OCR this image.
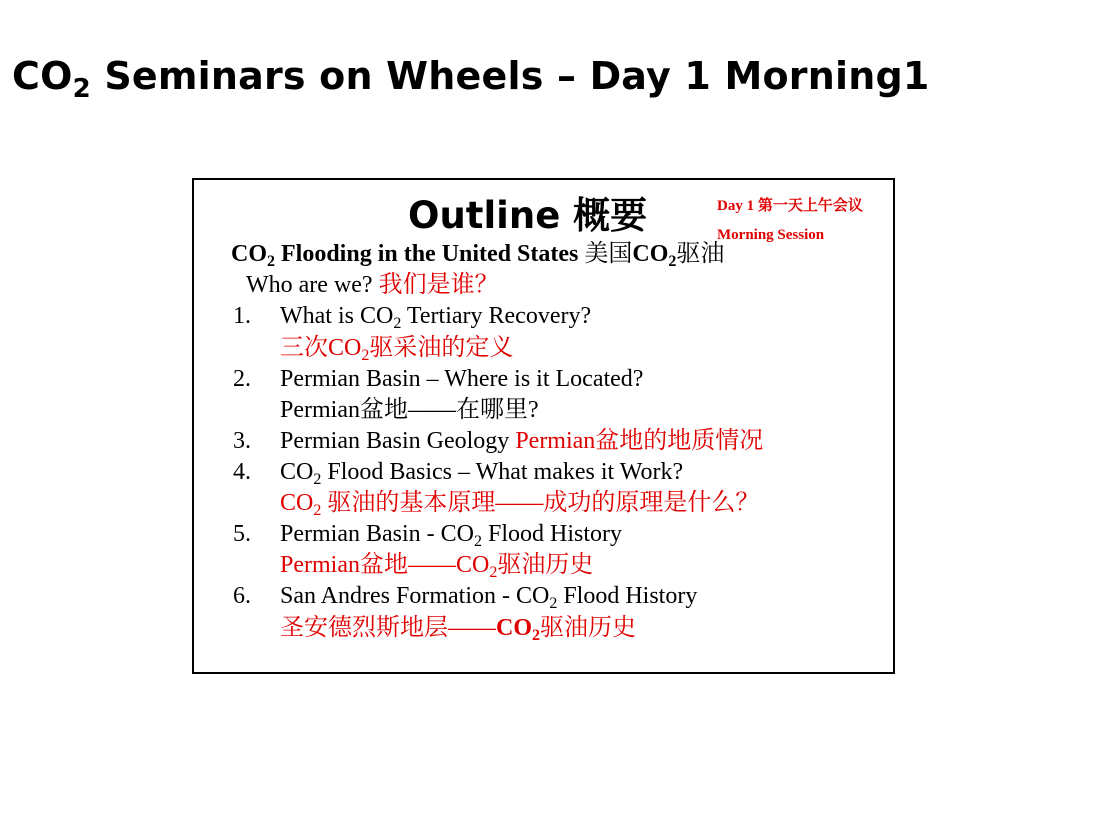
$CO_2$ Seminars on Wheels – Day 1 Morning1
Outline 概要	Day 1 第一天上午会议
Morning Session
$CO_2$ Flooding in the United States 美国$CO_2$驱油
Who are we? 我们是谁？
1. What is $CO_2$ Tertiary Recovery?
三次$CO_2$驱采油的定义
2. Permian Basin – Where is it Located?
Permian盆地——在哪里?
3. Permian Basin Geology Permian盆地的地质情况
4. $CO_2$ Flood Basics – What makes it Work?
$CO_2$ 驱油的基本原理——成功的原理是什么？
5. Permian Basin - $CO_2$ Flood History
Permian盆地$——CO_2$驱油历史
6. San Andres Formation - $CO_2$ Flood History
圣安德烈斯地层$——CO_2$驱油历史
